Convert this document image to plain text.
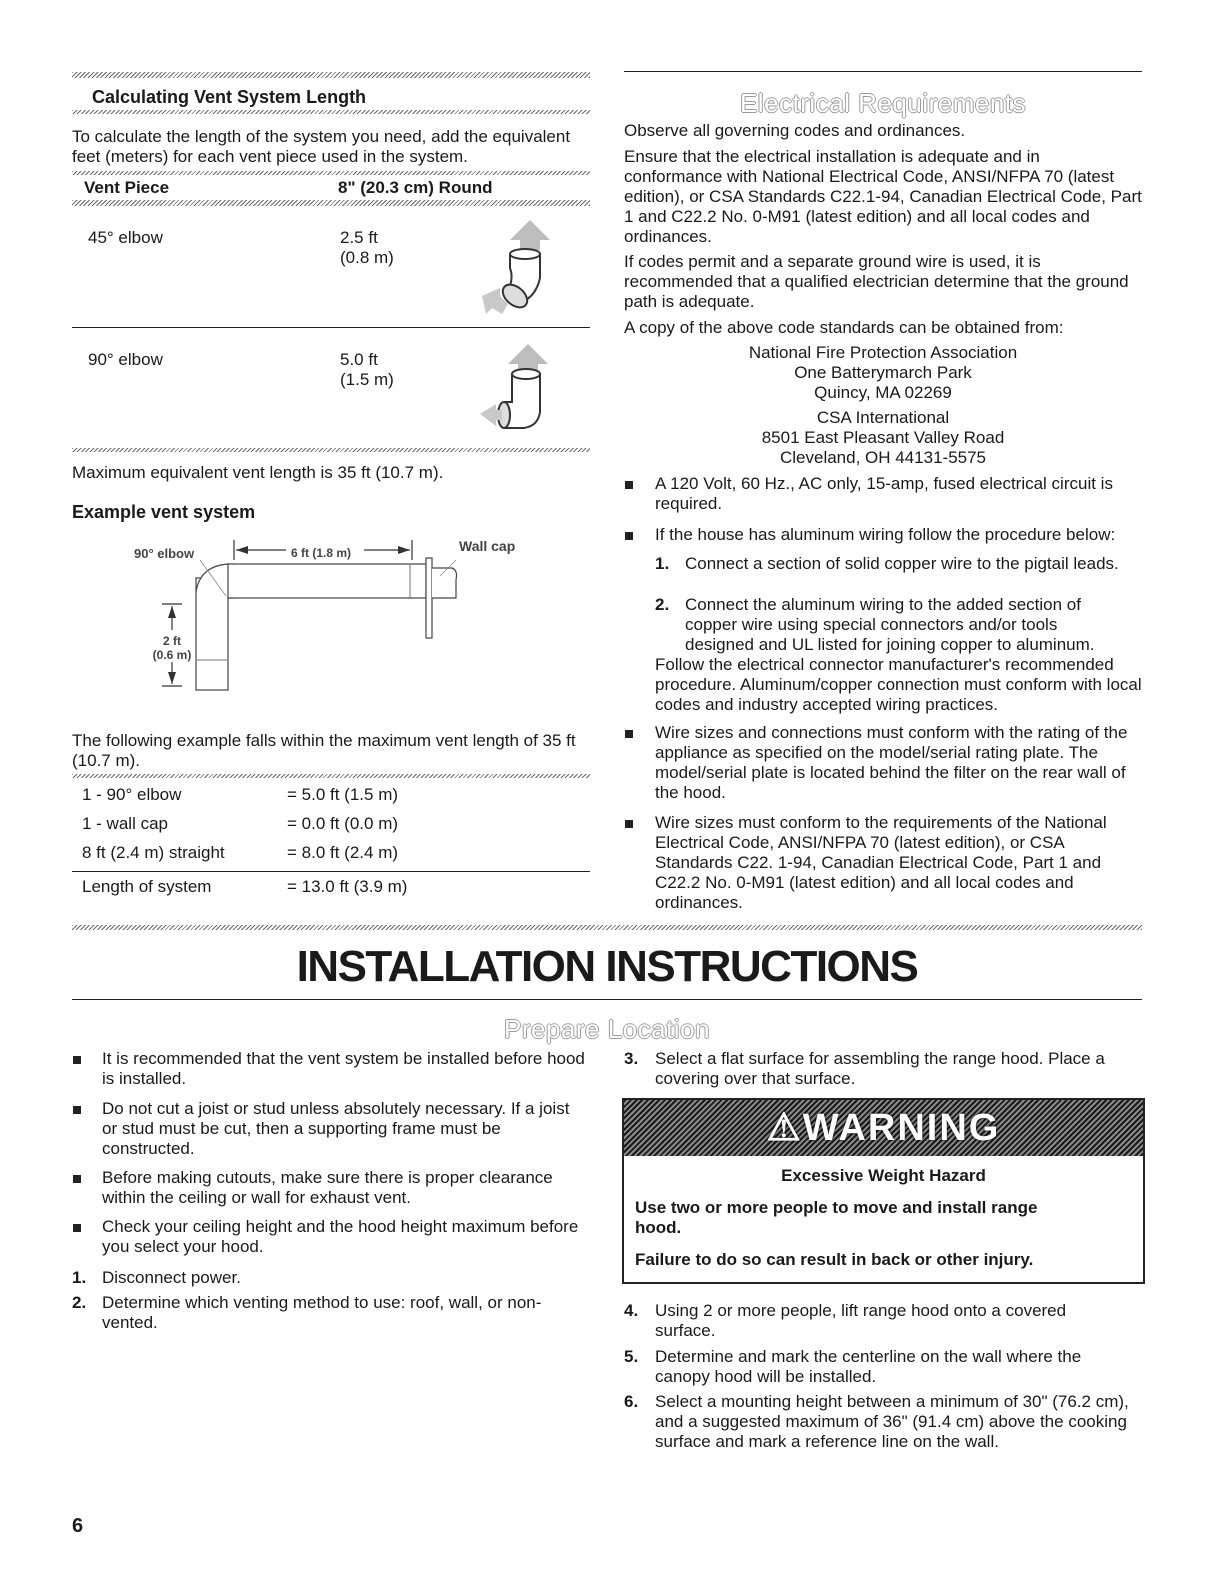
Calculating Vent System Length

To calculate the length of the system you need, add the equivalent feet (meters) for each vent piece used in the system.

Vent Piece	8" (20.3 cm) Round
45° elbow	2.5 ft
(0.8 m)
90° elbow	5.0 ft
(1.5 m)

Maximum equivalent vent length is 35 ft (10.7 m).

Example vent system
90° elbow	6 ft (1.8 m)	Wall cap
2 ft
(0.6 m)

The following example falls within the maximum vent length of 35 ft (10.7 m).

1 - 90° elbow	= 5.0 ft (1.5 m)
1 - wall cap	= 0.0 ft (0.0 m)
8 ft (2.4 m) straight	= 8.0 ft (2.4 m)
Length of system	= 13.0 ft (3.9 m)
Electrical Requirements

Observe all governing codes and ordinances.

Ensure that the electrical installation is adequate and in conformance with National Electrical Code, ANSI/NFPA 70 (latest edition), or CSA Standards C22.1-94, Canadian Electrical Code, Part 1 and C22.2 No. 0-M91 (latest edition) and all local codes and ordinances.

If codes permit and a separate ground wire is used, it is recommended that a qualified electrician determine that the ground path is adequate.

A copy of the above code standards can be obtained from:

National Fire Protection Association
One Batterymarch Park
Quincy, MA 02269
CSA International
8501 East Pleasant Valley Road
Cleveland, OH 44131-5575

A 120 Volt, 60 Hz., AC only, 15-amp, fused electrical circuit is required.

If the house has aluminum wiring follow the procedure below:

1. Connect a section of solid copper wire to the pigtail leads.

2. Connect the aluminum wiring to the added section of copper wire using special connectors and/or tools designed and UL listed for joining copper to aluminum.

Follow the electrical connector manufacturer's recommended procedure. Aluminum/copper connection must conform with local codes and industry accepted wiring practices.

Wire sizes and connections must conform with the rating of the appliance as specified on the model/serial rating plate. The model/serial plate is located behind the filter on the rear wall of the hood.

Wire sizes must conform to the requirements of the National Electrical Code, ANSI/NFPA 70 (latest edition), or CSA Standards C22. 1-94, Canadian Electrical Code, Part 1 and C22.2 No. 0-M91 (latest edition) and all local codes and ordinances.

INSTALLATION INSTRUCTIONS
Prepare Location

It is recommended that the vent system be installed before hood is installed.

Do not cut a joist or stud unless absolutely necessary. If a joist or stud must be cut, then a supporting frame must be constructed.

Before making cutouts, make sure there is proper clearance within the ceiling or wall for exhaust vent.

Check your ceiling height and the hood height maximum before you select your hood.

1. Disconnect power.

2. Determine which venting method to use: roof, wall, or non-vented.

3. Select a flat surface for assembling the range hood. Place a covering over that surface.

⚠ WARNING
Excessive Weight Hazard

Use two or more people to move and install range hood.

Failure to do so can result in back or other injury.

4. Using 2 or more people, lift range hood onto a covered surface.

5. Determine and mark the centerline on the wall where the canopy hood will be installed.

6. Select a mounting height between a minimum of 30" (76.2 cm), and a suggested maximum of 36" (91.4 cm) above the cooking surface and mark a reference line on the wall.

6
